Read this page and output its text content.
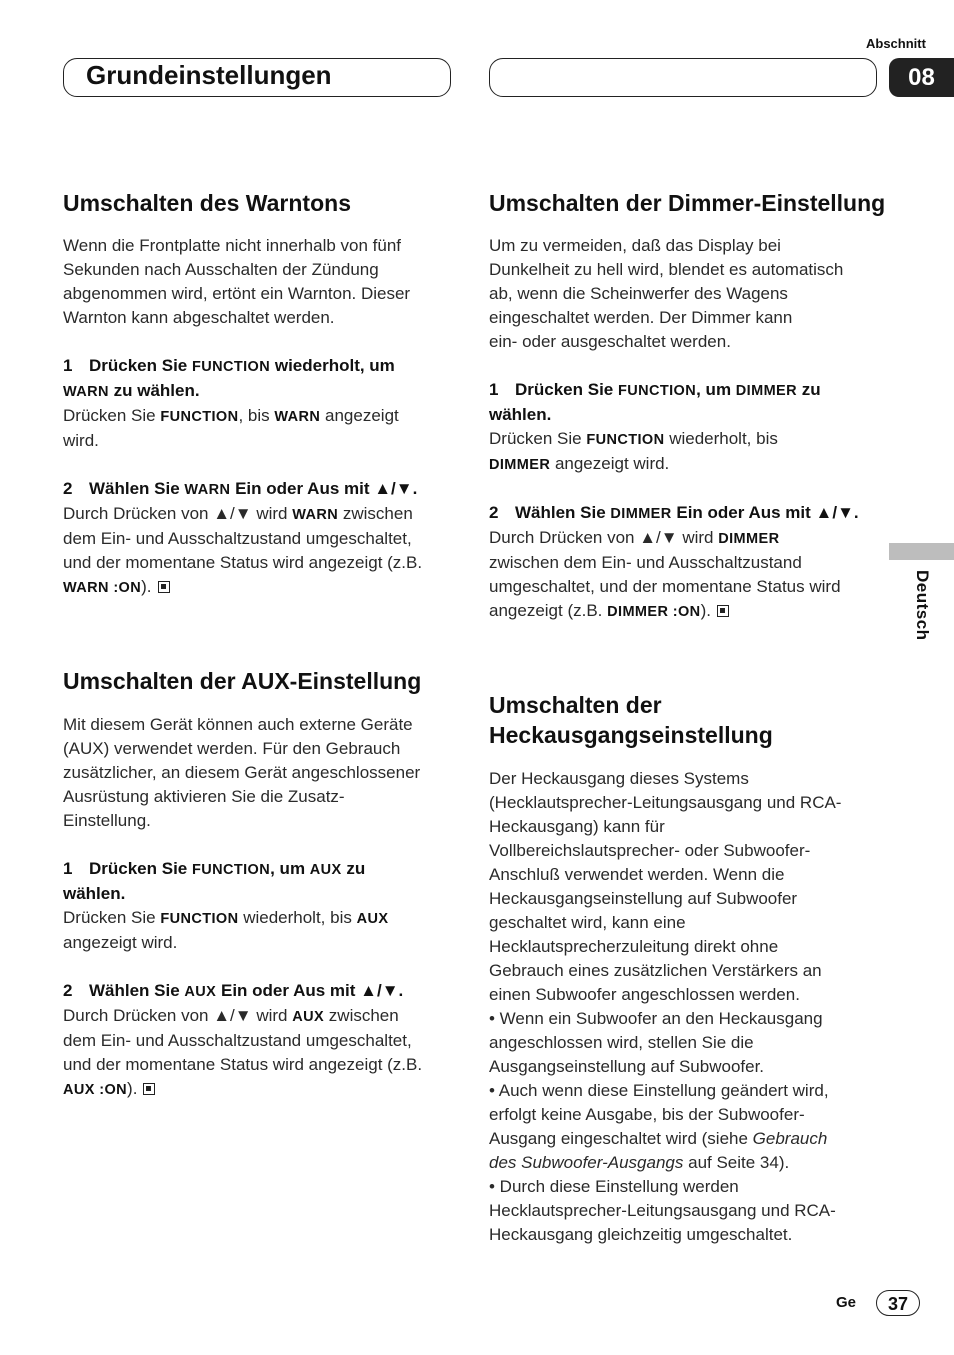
Abschnitt
Grundeinstellungen	08
Deutsch
Umschalten des Warntons

Wenn die Frontplatte nicht innerhalb von fünf

Sekunden nach Ausschalten der Zündung

abgenommen wird, ertönt ein Warnton. Dieser

Warnton kann abgeschaltet werden.

1 Drücken Sie FUNCTION wiederholt, um

WARN zu wählen.

Drücken Sie FUNCTION, bis WARN angezeigt

wird.

2 Wählen Sie WARN Ein oder Aus mit ▲/▼.

Durch Drücken von ▲/▼ wird WARN zwischen

dem Ein- und Ausschaltzustand umgeschaltet,

und der momentane Status wird angezeigt (z.B.

WARN :ON).

Umschalten der AUX-Einstellung

Mit diesem Gerät können auch externe Geräte

(AUX) verwendet werden. Für den Gebrauch

zusätzlicher, an diesem Gerät angeschlossener

Ausrüstung aktivieren Sie die Zusatz-

Einstellung.

1 Drücken Sie FUNCTION, um AUX zu

wählen.

Drücken Sie FUNCTION wiederholt, bis AUX

angezeigt wird.

2 Wählen Sie AUX Ein oder Aus mit ▲/▼.

Durch Drücken von ▲/▼ wird AUX zwischen

dem Ein- und Ausschaltzustand umgeschaltet,

und der momentane Status wird angezeigt (z.B.

AUX :ON).

Umschalten der Dimmer-Einstellung

Um zu vermeiden, daß das Display bei

Dunkelheit zu hell wird, blendet es automatisch

ab, wenn die Scheinwerfer des Wagens

eingeschaltet werden. Der Dimmer kann

ein- oder ausgeschaltet werden.

1 Drücken Sie FUNCTION, um DIMMER zu

wählen.

Drücken Sie FUNCTION wiederholt, bis

DIMMER angezeigt wird.

2 Wählen Sie DIMMER Ein oder Aus mit ▲/▼.

Durch Drücken von ▲/▼ wird DIMMER

zwischen dem Ein- und Ausschaltzustand

umgeschaltet, und der momentane Status wird

angezeigt (z.B. DIMMER :ON).

Umschalten der
Heckausgangseinstellung

Der Heckausgang dieses Systems

(Hecklautsprecher-Leitungsausgang und RCA-

Heckausgang) kann für

Vollbereichslautsprecher- oder Subwoofer-

Anschluß verwendet werden. Wenn die

Heckausgangseinstellung auf Subwoofer

geschaltet wird, kann eine

Hecklautsprecherzuleitung direkt ohne

Gebrauch eines zusätzlichen Verstärkers an

einen Subwoofer angeschlossen werden.

• Wenn ein Subwoofer an den Heckausgang

angeschlossen wird, stellen Sie die

Ausgangseinstellung auf Subwoofer.

• Auch wenn diese Einstellung geändert wird,

erfolgt keine Ausgabe, bis der Subwoofer-

Ausgang eingeschaltet wird (siehe Gebrauch

des Subwoofer-Ausgangs auf Seite 34).

• Durch diese Einstellung werden

Hecklautsprecher-Leitungsausgang und RCA-

Heckausgang gleichzeitig umgeschaltet.

Ge	37
